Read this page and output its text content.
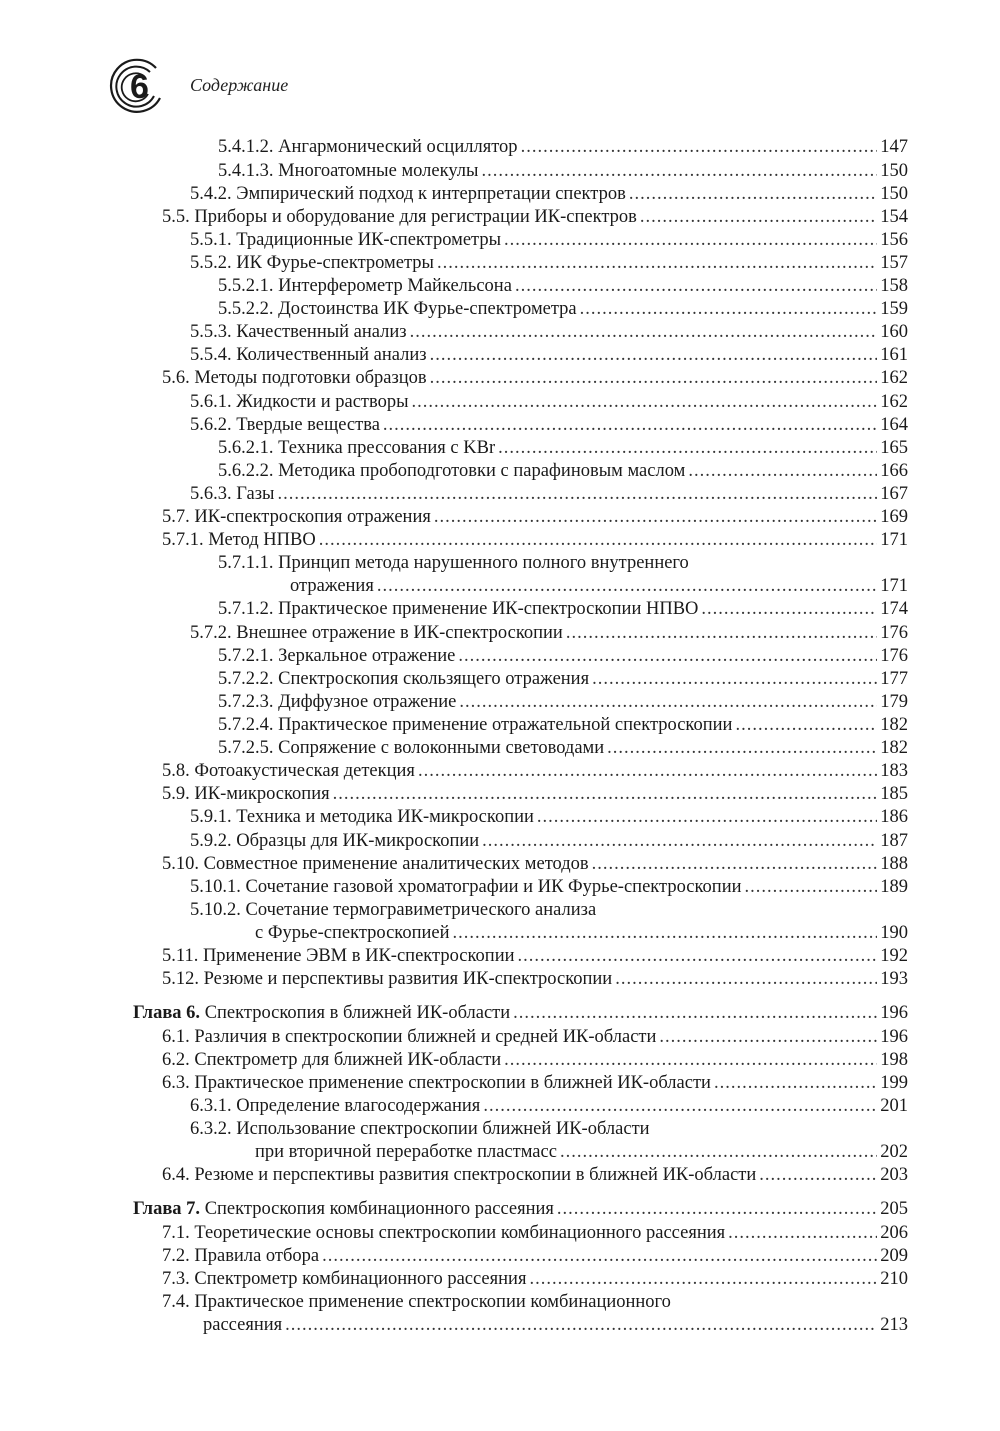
6 Содержание
5.4.1.2. Ангармонический осциллятор .....	147
5.4.1.3. Многоатомные молекулы .....	150
5.4.2. Эмпирический подход к интерпретации спектров .....	150
5.5. Приборы и оборудование для регистрации ИК-спектров .....	154
5.5.1. Традиционные ИК-спектрометры .....	156
5.5.2. ИК Фурье-спектрометры .....	157
5.5.2.1. Интерферометр Майкельсона .....	158
5.5.2.2. Достоинства ИК Фурье-спектрометра .....	159
5.5.3. Качественный анализ .....	160
5.5.4. Количественный анализ .....	161
5.6. Методы подготовки образцов .....	162
5.6.1. Жидкости и растворы .....	162
5.6.2. Твердые вещества .....	164
5.6.2.1. Техника прессования с KBr .....	165
5.6.2.2. Методика пробоподготовки с парафиновым маслом .....	166
5.6.3. Газы .....	167
5.7. ИК-спектроскопия отражения .....	169
5.7.1. Метод НПВО .....	171
5.7.1.1. Принцип метода нарушенного полного внутреннего
отражения .....	171
5.7.1.2. Практическое применение ИК-спектроскопии НПВО .....	174
5.7.2. Внешнее отражение в ИК-спектроскопии .....	176
5.7.2.1. Зеркальное отражение .....	176
5.7.2.2. Спектроскопия скользящего отражения .....	177
5.7.2.3. Диффузное отражение .....	179
5.7.2.4. Практическое применение отражательной спектроскопии .....	182
5.7.2.5. Сопряжение с волоконными световодами .....	182
5.8. Фотоакустическая детекция .....	183
5.9. ИК-микроскопия .....	185
5.9.1. Техника и методика ИК-микроскопии .....	186
5.9.2. Образцы для ИК-микроскопии .....	187
5.10. Совместное применение аналитических методов .....	188
5.10.1. Сочетание газовой хроматографии и ИК Фурье-спектроскопии .....	189
5.10.2. Сочетание термогравиметрического анализа
с Фурье-спектроскопией .....	190
5.11. Применение ЭВМ в ИК-спектроскопии .....	192
5.12. Резюме и перспективы развития ИК-спектроскопии .....	193
Глава 6. Спектроскопия в ближней ИК-области .....	196
6.1. Различия в спектроскопии ближней и средней ИК-области .....	196
6.2. Спектрометр для ближней ИК-области .....	198
6.3. Практическое применение спектроскопии в ближней ИК-области .....	199
6.3.1. Определение влагосодержания .....	201
6.3.2. Использование спектроскопии ближней ИК-области
при вторичной переработке пластмасс .....	202
6.4. Резюме и перспективы развития спектроскопии в ближней ИК-области .....	203
Глава 7. Спектроскопия комбинационного рассеяния .....	205
7.1. Теоретические основы спектроскопии комбинационного рассеяния .....	206
7.2. Правила отбора .....	209
7.3. Спектрометр комбинационного рассеяния .....	210
7.4. Практическое применение спектроскопии комбинационного
рассеяния .....	213
